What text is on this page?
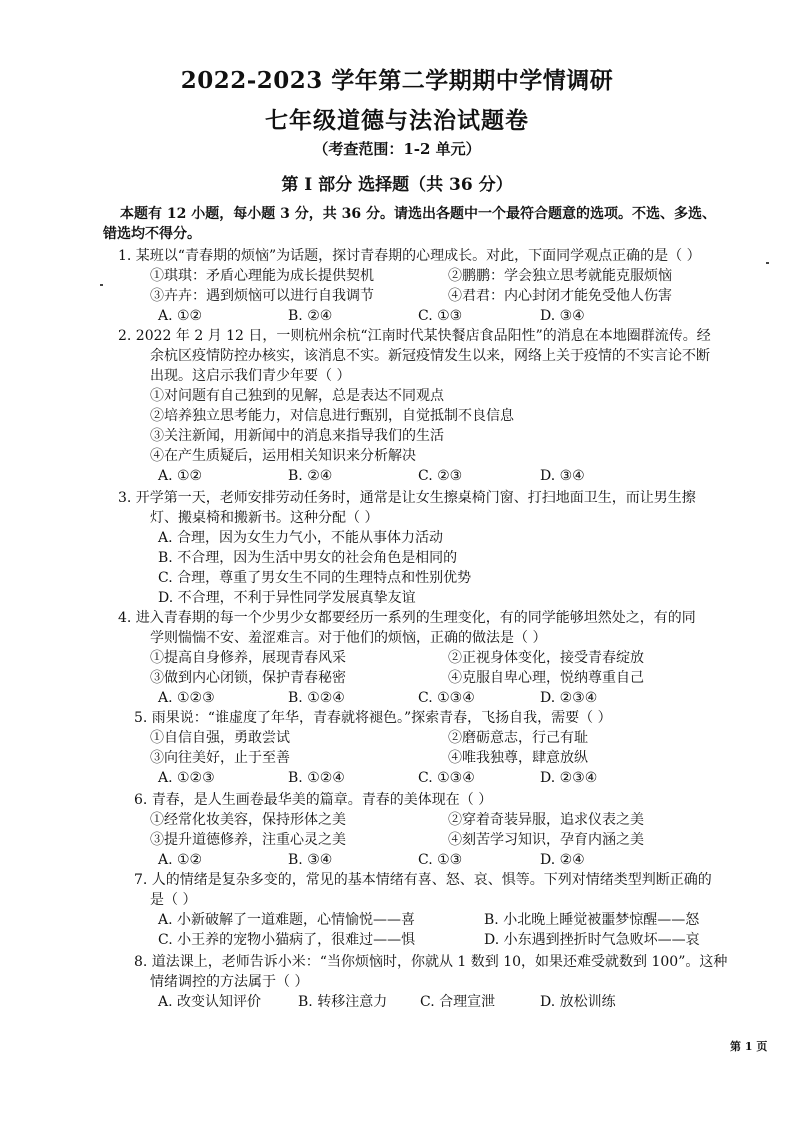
2022-2023 学年第二学期期中学情调研
七年级道德与法治试题卷
（考查范围：1-2 单元）
第 I 部分 选择题（共 36 分）
本题有 12 小题，每小题 3 分，共 36 分。请选出各题中一个最符合题意的选项。不选、多选、
错选均不得分。
1. 某班以“青春期的烦恼”为话题，探讨青春期的心理成长。对此，下面同学观点正确的是（ ）
①琪琪：矛盾心理能为成长提供契机	②鹏鹏：学会独立思考就能克服烦恼
③卉卉：遇到烦恼可以进行自我调节	④君君：内心封闭才能免受他人伤害
A. ①②	B. ②④	C. ①③	D. ③④
2. 2022 年 2 月 12 日，一则杭州余杭“江南时代某快餐店食品阳性”的消息在本地圈群流传。经
余杭区疫情防控办核实，该消息不实。新冠疫情发生以来，网络上关于疫情的不实言论不断
出现。这启示我们青少年要（ ）
①对问题有自己独到的见解，总是表达不同观点
②培养独立思考能力，对信息进行甄别，自觉抵制不良信息
③关注新闻，用新闻中的消息来指导我们的生活
④在产生质疑后，运用相关知识来分析解决
A. ①②	B. ②④	C. ②③	D. ③④
3. 开学第一天，老师安排劳动任务时，通常是让女生擦桌椅门窗、打扫地面卫生，而让男生擦
灯、搬桌椅和搬新书。这种分配（ ）
A. 合理，因为女生力气小，不能从事体力活动
B. 不合理，因为生活中男女的社会角色是相同的
C. 合理，尊重了男女生不同的生理特点和性别优势
D. 不合理，不利于异性同学发展真挚友谊
4. 进入青春期的每一个少男少女都要经历一系列的生理变化，有的同学能够坦然处之，有的同
学则惴惴不安、羞涩难言。对于他们的烦恼，正确的做法是（ ）
①提高自身修养，展现青春风采	②正视身体变化，接受青春绽放
③做到内心闭锁，保护青春秘密	④克服自卑心理，悦纳尊重自己
A. ①②③	B. ①②④	C. ①③④	D. ②③④
5. 雨果说：“谁虚度了年华，青春就将褪色。”探索青春，飞扬自我，需要（ ）
①自信自强，勇敢尝试	②磨砺意志，行己有耻
③向往美好，止于至善	④唯我独尊，肆意放纵
A. ①②③	B. ①②④	C. ①③④	D. ②③④
6. 青春，是人生画卷最华美的篇章。青春的美体现在（ ）
①经常化妆美容，保持形体之美	②穿着奇装异服，追求仪表之美
③提升道德修养，注重心灵之美	④刻苦学习知识，孕育内涵之美
A. ①②	B. ③④	C. ①③	D. ②④
7. 人的情绪是复杂多变的，常见的基本情绪有喜、怒、哀、惧等。下列对情绪类型判断正确的
是（ ）
A. 小新破解了一道难题，心情愉悦——喜	B. 小北晚上睡觉被噩梦惊醒——怒
C. 小王养的宠物小猫病了，很难过——惧	D. 小东遇到挫折时气急败坏——哀
8. 道法课上，老师告诉小米：“当你烦恼时，你就从 1 数到 10，如果还难受就数到 100”。这种
情绪调控的方法属于（ ）
A. 改变认知评价	B. 转移注意力 C. 合理宣泄	D. 放松训练
第 1 页
